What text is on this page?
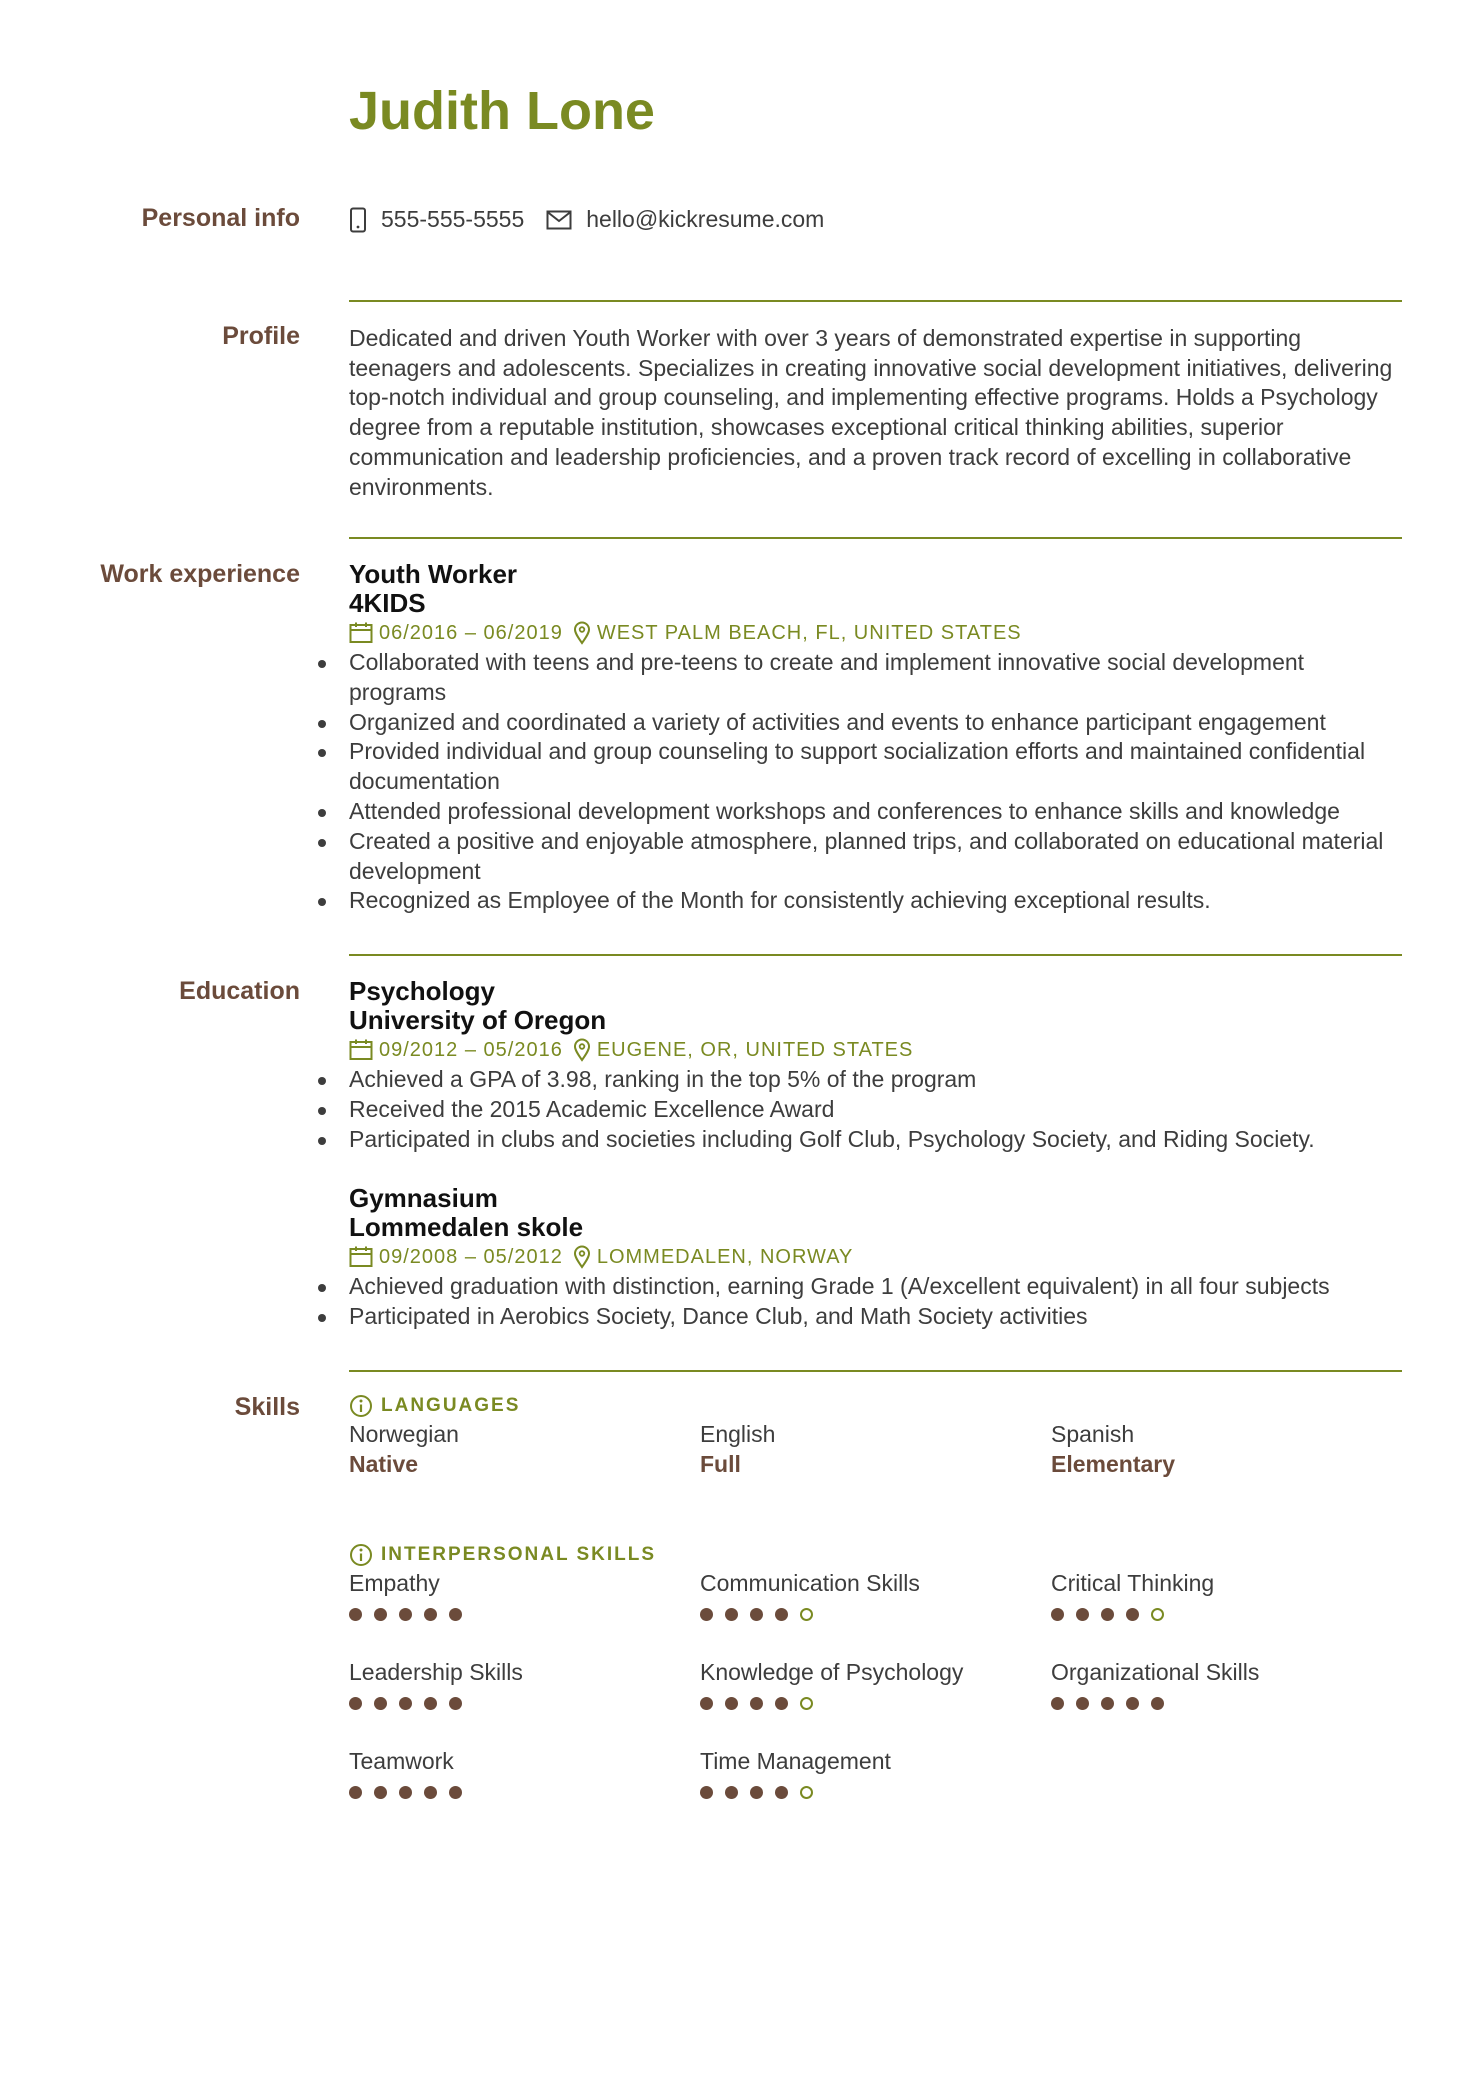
Judith Lone
Personal info	555-555-5555	hello@kickresume.com
Profile Dedicated and driven Youth Worker with over 3 years of demonstrated expertise in supporting
teenagers and adolescents. Specializes in creating innovative social development initiatives, delivering
top-notch individual and group counseling, and implementing effective programs. Holds a Psychology
degree from a reputable institution, showcases exceptional critical thinking abilities, superior
communication and leadership proficiencies, and a proven track record of excelling in collaborative
environments.
Work experience Youth Worker
4KIDS
06/2016 – 06/2019 WEST PALM BEACH, FL, UNITED STATES
Collaborated with teens and pre-teens to create and implement innovative social development programs
Organized and coordinated a variety of activities and events to enhance participant engagement
Provided individual and group counseling to support socialization efforts and maintained confidential documentation
Attended professional development workshops and conferences to enhance skills and knowledge
Created a positive and enjoyable atmosphere, planned trips, and collaborated on educational material development
Recognized as Employee of the Month for consistently achieving exceptional results.
Education Psychology
University of Oregon
09/2012 – 05/2016 EUGENE, OR, UNITED STATES
Achieved a GPA of 3.98, ranking in the top 5% of the program
Received the 2015 Academic Excellence Award
Participated in clubs and societies including Golf Club, Psychology Society, and Riding Society.
Gymnasium
Lommedalen skole
09/2008 – 05/2012 LOMMEDALEN, NORWAY
Achieved graduation with distinction, earning Grade 1 (A/excellent equivalent) in all four subjects
Participated in Aerobics Society, Dance Club, and Math Society activities
Skills	LANGUAGES
Norwegian
Native
English
Full
Spanish
Elementary
INTERPERSONAL SKILLS
Empathy	Communication Skills	Critical Thinking
Leadership Skills	Knowledge of Psychology	Organizational Skills
Teamwork	Time Management
